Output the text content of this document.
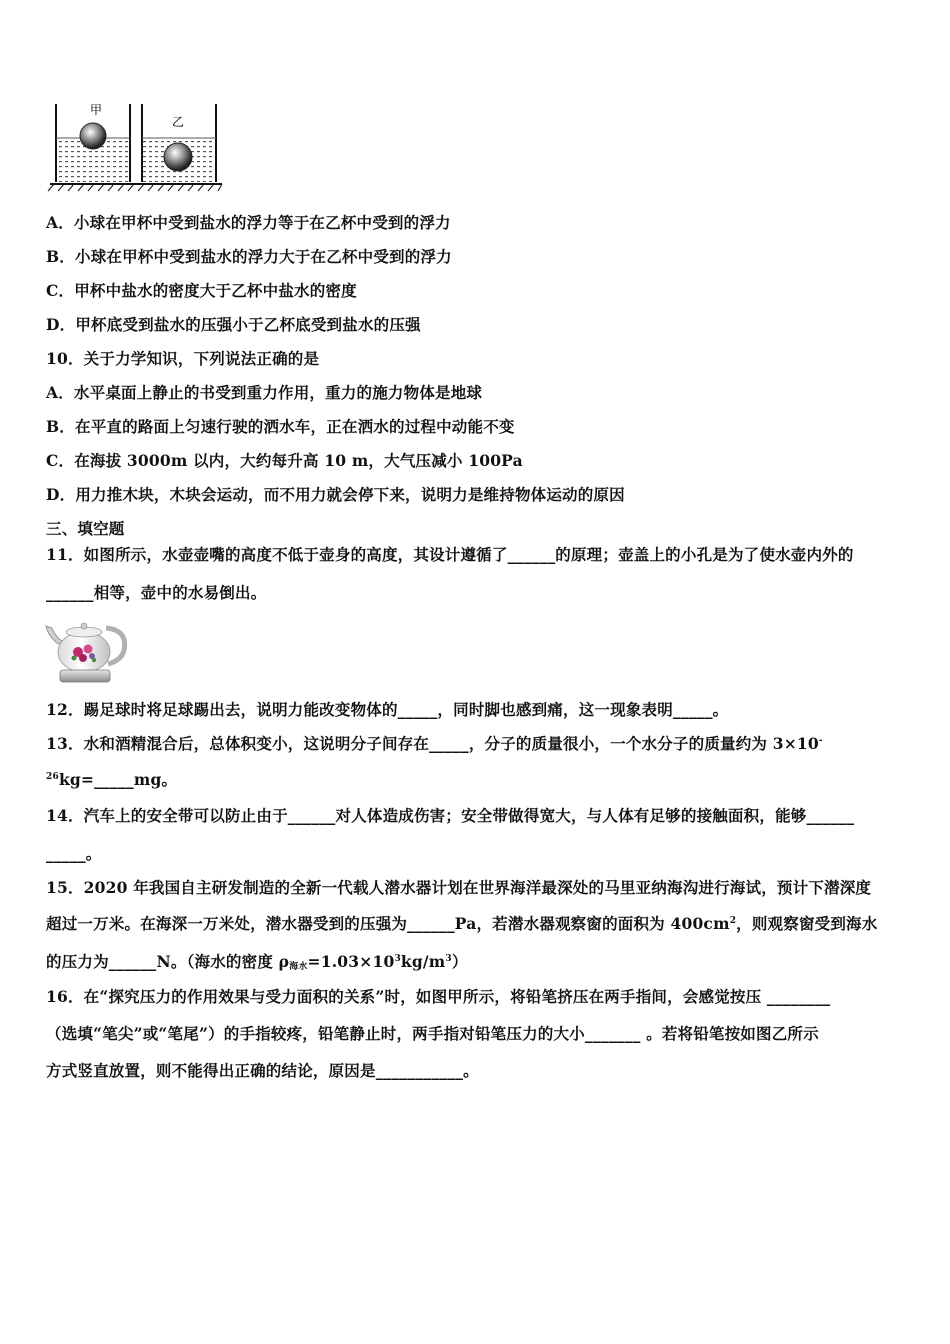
甲
乙
A．小球在甲杯中受到盐水的浮力等于在乙杯中受到的浮力
B．小球在甲杯中受到盐水的浮力大于在乙杯中受到的浮力
C．甲杯中盐水的密度大于乙杯中盐水的密度
D．甲杯底受到盐水的压强小于乙杯底受到盐水的压强
10．关于力学知识，下列说法正确的是
A．水平桌面上静止的书受到重力作用，重力的施力物体是地球
B．在平直的路面上匀速行驶的洒水车，正在洒水的过程中动能不变
C．在海拔 3000m 以内，大约每升高 10 m，大气压减小 100Pa
D．用力推木块，木块会运动，而不用力就会停下来，说明力是维持物体运动的原因
三、填空题
11．如图所示，水壶壶嘴的高度不低于壶身的高度，其设计遵循了______的原理；壶盖上的小孔是为了使水壶内外的
______相等，壶中的水易倒出。
12．踢足球时将足球踢出去，说明力能改变物体的_____，同时脚也感到痛，这一现象表明_____。
13．水和酒精混合后，总体积变小，这说明分子间存在_____，分子的质量很小，一个水分子的质量约为 3×10-
$^{26}$kg=_____mg。
14．汽车上的安全带可以防止由于______对人体造成伤害；安全带做得宽大，与人体有足够的接触面积，能够______
_____。
15．2020 年我国自主研发制造的全新一代载人潜水器计划在世界海洋最深处的马里亚纳海沟进行海试，预计下潜深度
超过一万米。在海深一万米处，潜水器受到的压强为______Pa，若潜水器观察窗的面积为 $400cm^2$，则观察窗受到海水
的压力为______N。（海水的密度 $\rho_{海水}=1.03\times 10^3kg/m^3$）
16．在“探究压力的作用效果与受力面积的关系”时，如图甲所示，将铅笔挤压在两手指间，会感觉按压 ________
（选填“笔尖”或“笔尾”）的手指较疼，铅笔静止时，两手指对铅笔压力的大小_______ 。若将铅笔按如图乙所示
方式竖直放置，则不能得出正确的结论，原因是___________。
